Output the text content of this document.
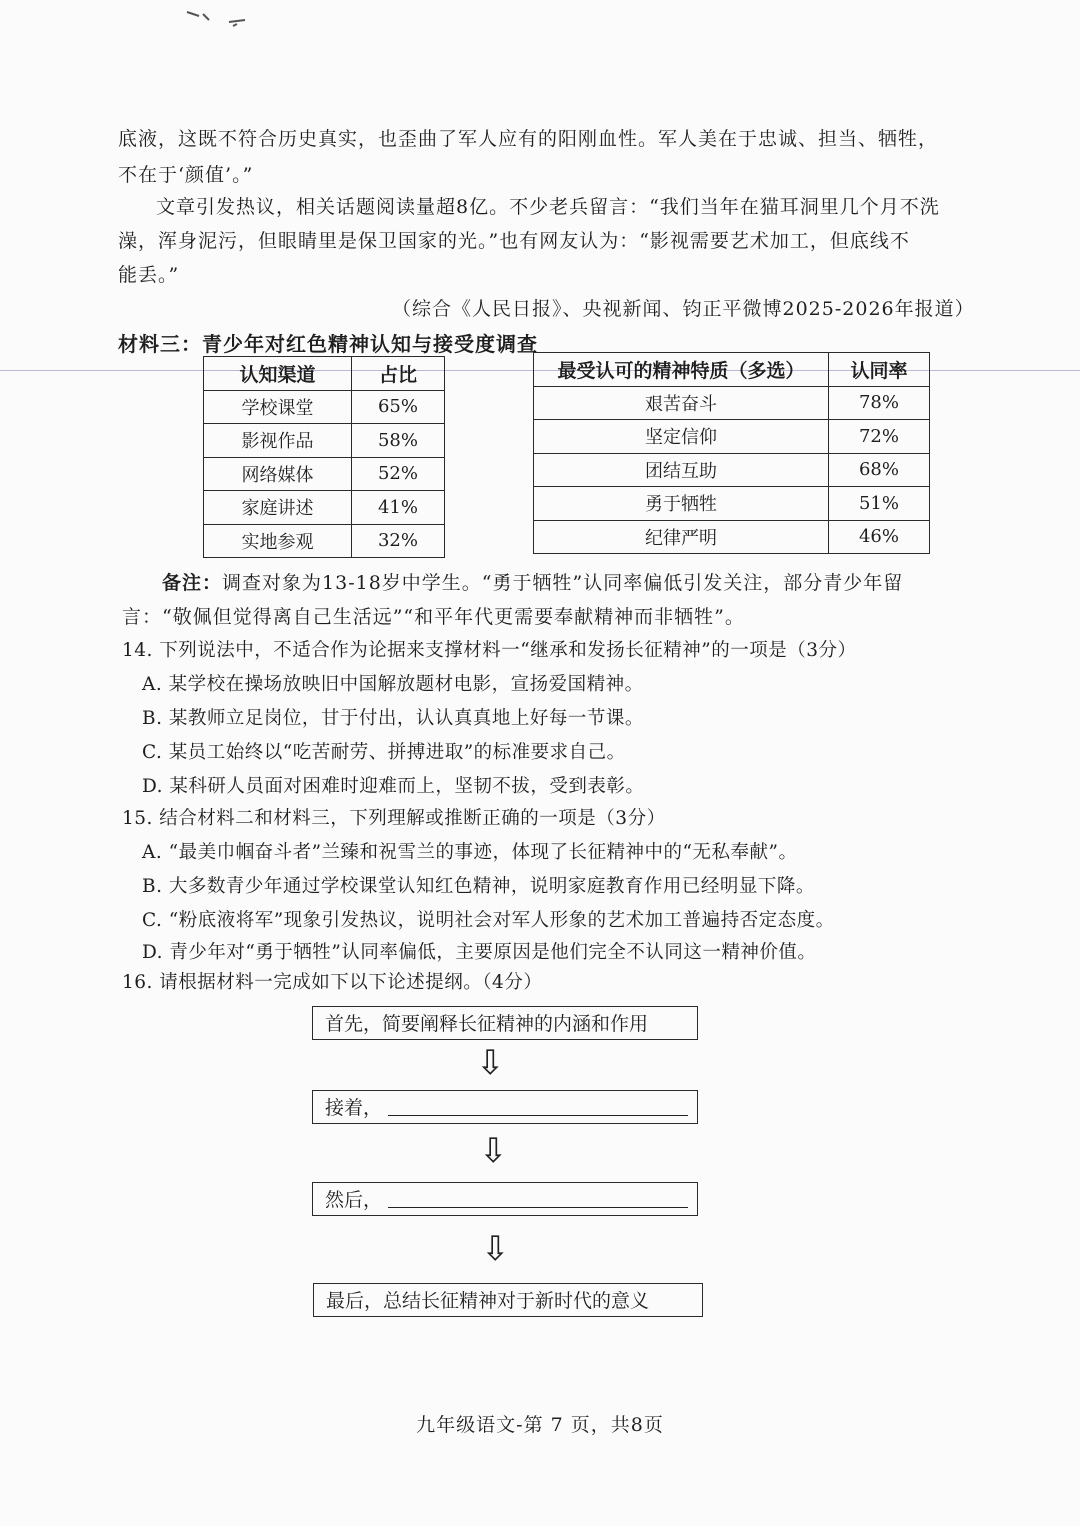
底液，这既不符合历史真实，也歪曲了军人应有的阳刚血性。军人美在于忠诚、担当、牺牲，
不在于‘颜值’。”
文章引发热议，相关话题阅读量超8亿。不少老兵留言：“我们当年在猫耳洞里几个月不洗
澡，浑身泥污，但眼睛里是保卫国家的光。”也有网友认为：“影视需要艺术加工，但底线不
能丢。”
（综合《人民日报》、央视新闻、钧正平微博2025-2026年报道）
材料三：青少年对红色精神认知与接受度调查
认知渠道	占比
学校课堂	65%
影视作品	58%
网络媒体	52%
家庭讲述	41%
实地参观	32%
最受认可的精神特质（多选）	认同率
艰苦奋斗	78%
坚定信仰	72%
团结互助	68%
勇于牺牲	51%
纪律严明	46%
备注：调查对象为13-18岁中学生。“勇于牺牲”认同率偏低引发关注，部分青少年留
言：“敬佩但觉得离自己生活远”“和平年代更需要奉献精神而非牺牲”。
14. 下列说法中，不适合作为论据来支撑材料一“继承和发扬长征精神”的一项是（3分）
A. 某学校在操场放映旧中国解放题材电影，宣扬爱国精神。
B. 某教师立足岗位，甘于付出，认认真真地上好每一节课。
C. 某员工始终以“吃苦耐劳、拼搏进取”的标准要求自己。
D. 某科研人员面对困难时迎难而上，坚韧不拔，受到表彰。
15. 结合材料二和材料三，下列理解或推断正确的一项是（3分）
A. “最美巾帼奋斗者”兰臻和祝雪兰的事迹，体现了长征精神中的“无私奉献”。
B. 大多数青少年通过学校课堂认知红色精神，说明家庭教育作用已经明显下降。
C. “粉底液将军”现象引发热议，说明社会对军人形象的艺术加工普遍持否定态度。
D. 青少年对“勇于牺牲”认同率偏低，主要原因是他们完全不认同这一精神价值。
16. 请根据材料一完成如下以下论述提纲。（4分）
首先，简要阐释长征精神的内涵和作用
⇩
接着，
⇩
然后，
⇩
最后，总结长征精神对于新时代的意义
九年级语文-第 7 页，共8页
